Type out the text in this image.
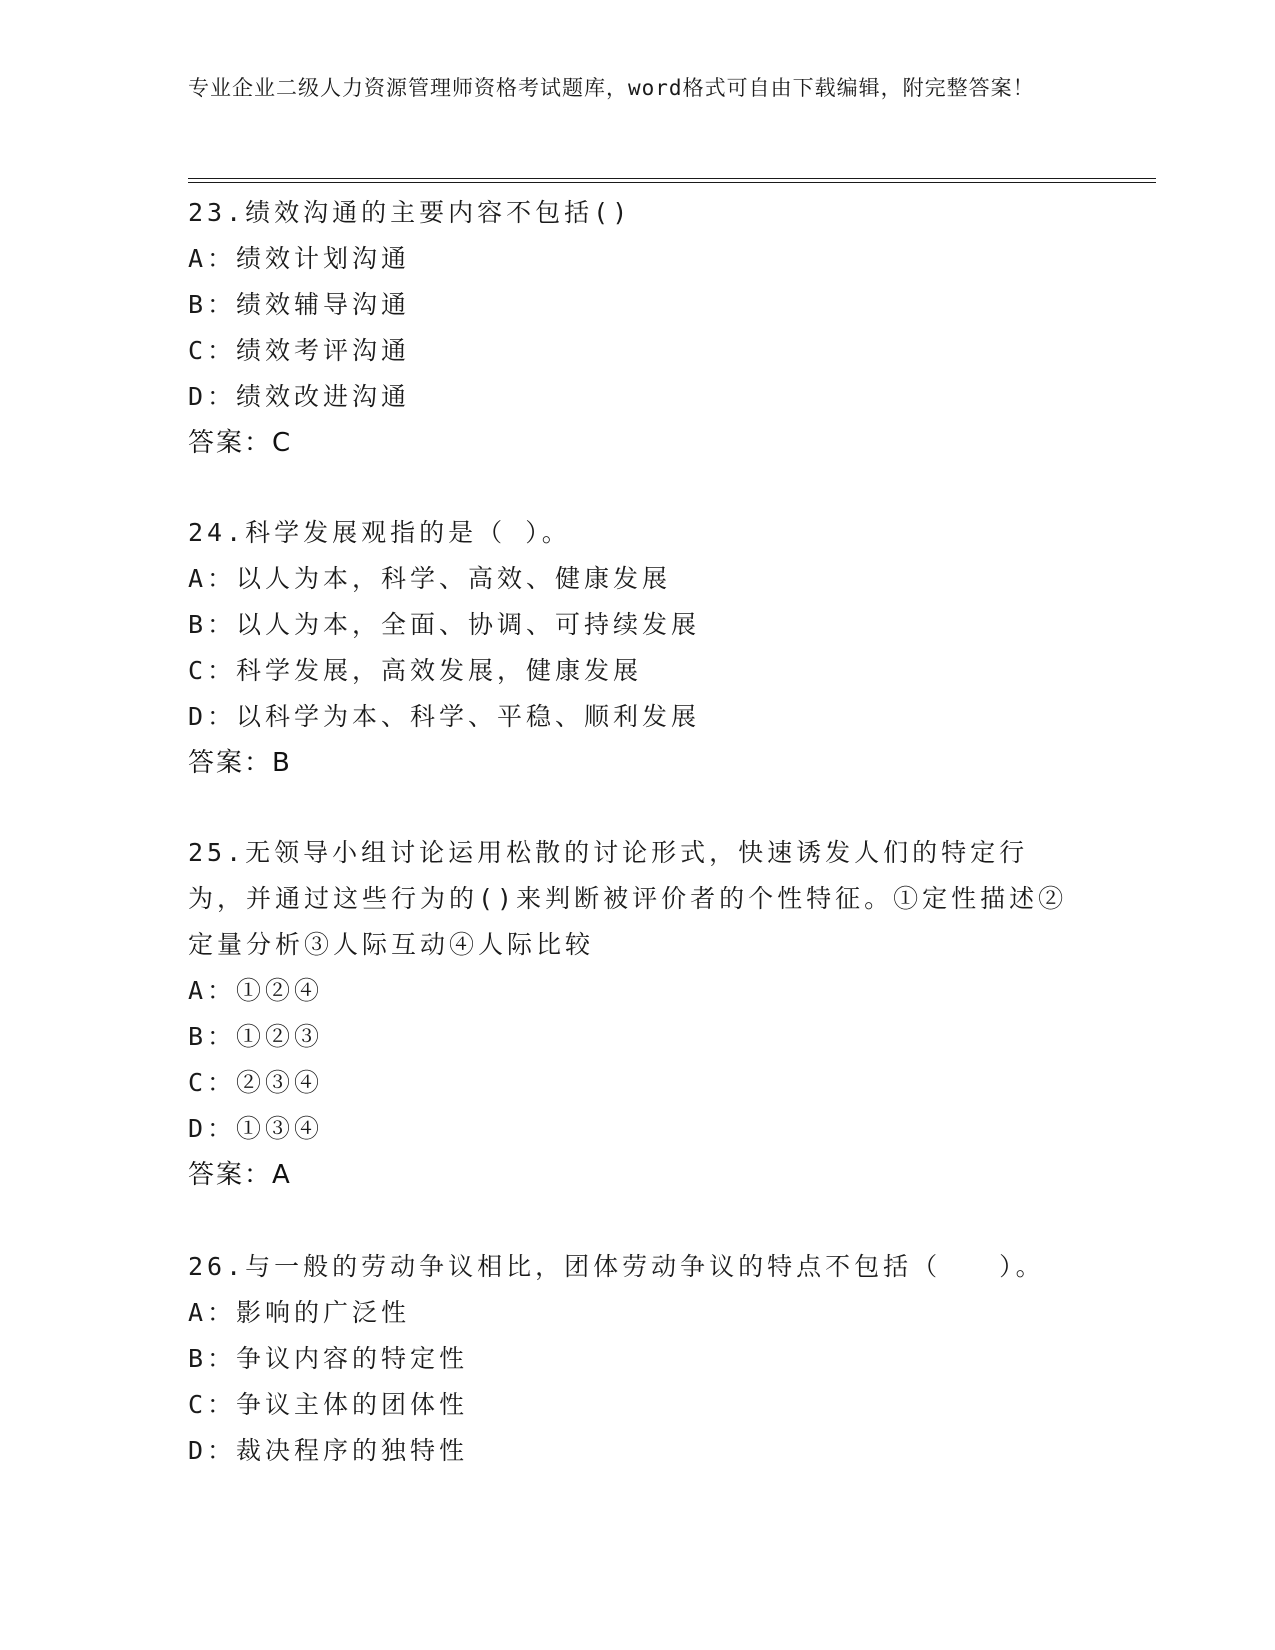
专业企业二级人力资源管理师资格考试题库，word格式可自由下载编辑，附完整答案！
23.绩效沟通的主要内容不包括()
A：绩效计划沟通
B：绩效辅导沟通
C：绩效考评沟通
D：绩效改进沟通
答案：C
24.科学发展观指的是（ ）。
A：以人为本，科学、高效、健康发展
B：以人为本，全面、协调、可持续发展
C：科学发展，高效发展，健康发展
D：以科学为本、科学、平稳、顺利发展
答案：B
25.无领导小组讨论运用松散的讨论形式，快速诱发人们的特定行为，并通过这些行为的()来判断被评价者的个性特征。①定性描述②定量分析③人际互动④人际比较
A：①②④
B：①②③
C：②③④
D：①③④
答案：A
26.与一般的劳动争议相比，团体劳动争议的特点不包括（　　）。
A：影响的广泛性
B：争议内容的特定性
C：争议主体的团体性
D：裁决程序的独特性
